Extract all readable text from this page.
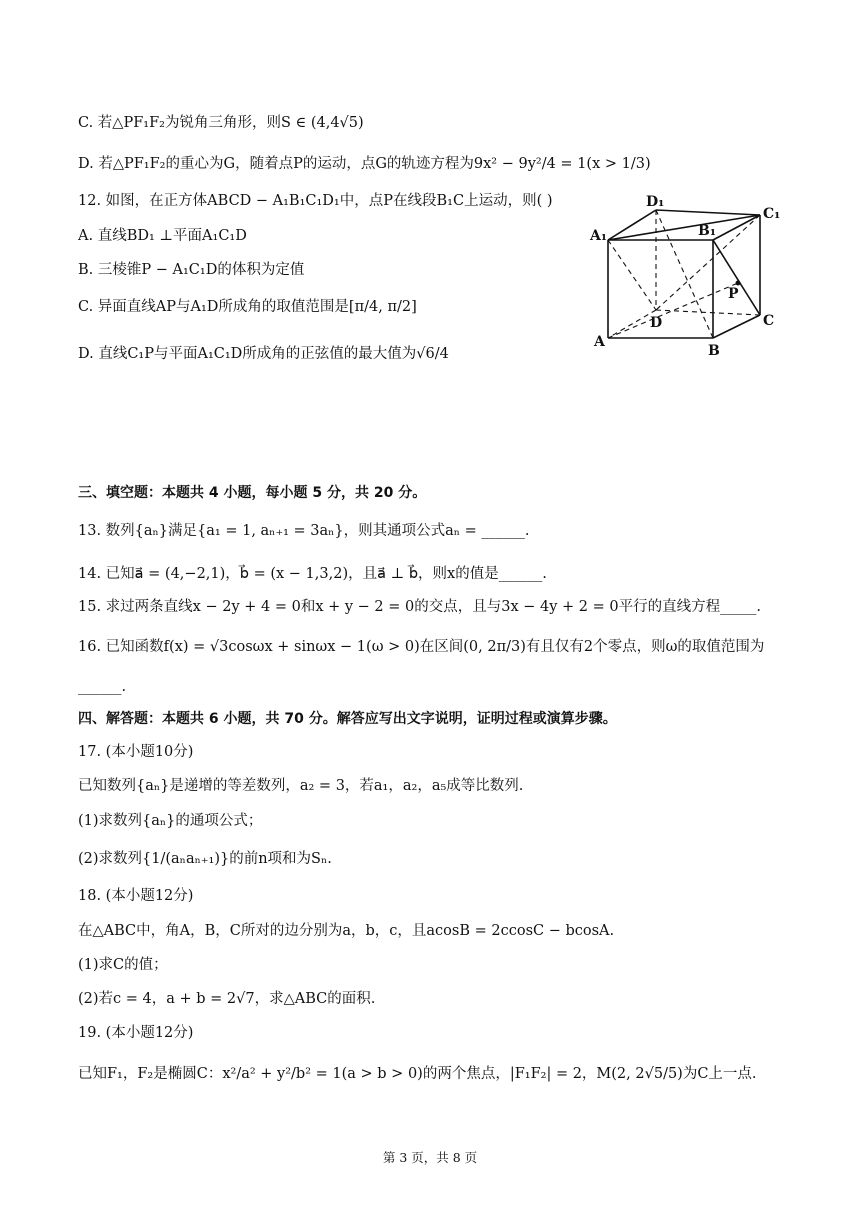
C. 若△PF₁F₂为锐角三角形，则S ∈ (4,4√5)
D. 若△PF₁F₂的重心为G，随着点P的运动，点G的轨迹方程为9x² − 9y²/4 = 1(x > 1/3)
12. 如图，在正方体ABCD − A₁B₁C₁D₁中，点P在线段B₁C上运动，则( )
A. 直线BD₁ ⊥平面A₁C₁D
B. 三棱锥P − A₁C₁D的体积为定值
C. 异面直线AP与A₁D所成角的取值范围是[π/4, π/2]
D. 直线C₁P与平面A₁C₁D所成角的正弦值的最大值为√6/4
D₁
C₁
A₁	B₁
P
D	C
A
B
三、填空题：本题共 4 小题，每小题 5 分，共 20 分。
13. 数列{aₙ}满足{a₁ = 1, aₙ₊₁ = 3aₙ}，则其通项公式aₙ = ______.
14. 已知a⃗ = (4,−2,1)，b⃗ = (x − 1,3,2)，且a⃗ ⊥ b⃗，则x的值是______.
15. 求过两条直线x − 2y + 4 = 0和x + y − 2 = 0的交点，且与3x − 4y + 2 = 0平行的直线方程_____.
16. 已知函数f(x) = √3cosωx + sinωx − 1(ω > 0)在区间(0, 2π/3)有且仅有2个零点，则ω的取值范围为
______.
四、解答题：本题共 6 小题，共 70 分。解答应写出文字说明，证明过程或演算步骤。
17. (本小题10分)
已知数列{aₙ}是递增的等差数列，a₂ = 3，若a₁，a₂，a₅成等比数列.
(1)求数列{aₙ}的通项公式；
(2)求数列{1/(aₙaₙ₊₁)}的前n项和为Sₙ.
18. (本小题12分)
在△ABC中，角A，B，C所对的边分别为a，b，c，且acosB = 2ccosC − bcosA.
(1)求C的值；
(2)若c = 4，a + b = 2√7，求△ABC的面积.
19. (本小题12分)
已知F₁，F₂是椭圆C：x²/a² + y²/b² = 1(a > b > 0)的两个焦点，|F₁F₂| = 2，M(2, 2√5/5)为C上一点.
第 3 页，共 8 页
